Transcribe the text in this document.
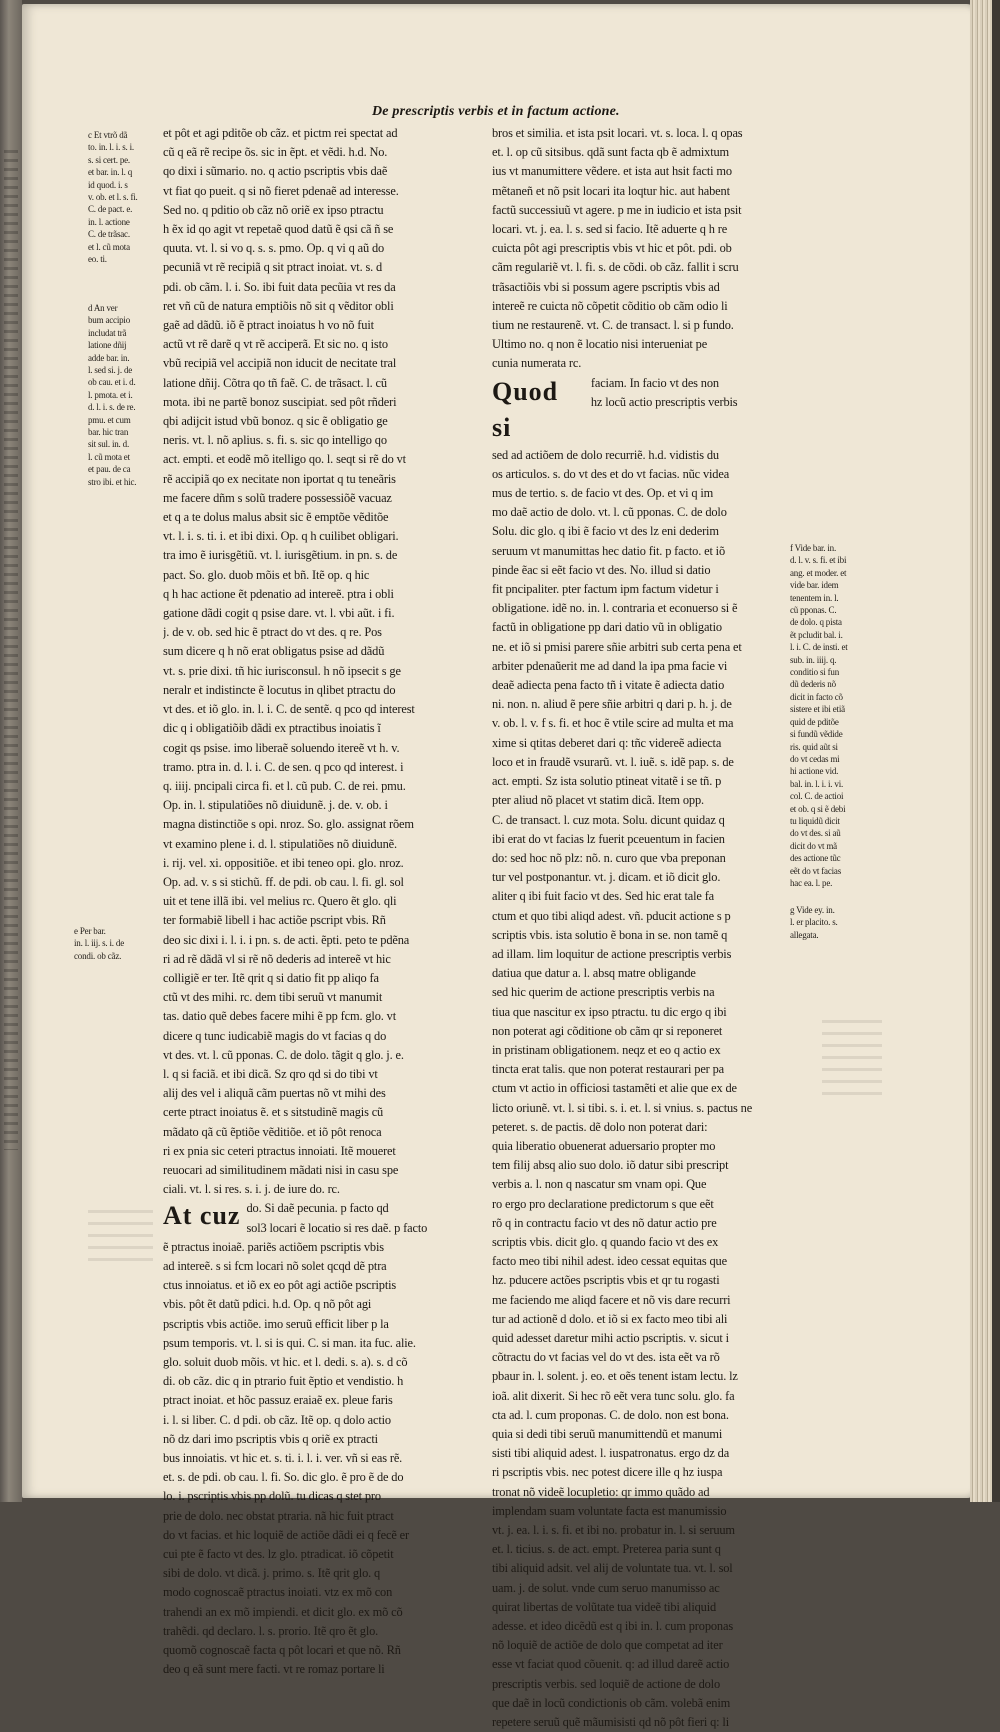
De prescriptis verbis et in factum actione.
et pôt et agi pditõe ob cãz. et pictm rei spectat ad
cũ q eã rẽ recipe õs. sic in ẽpt. et vẽdi. h.d. No.
qo dixi i sũmario. no. q actio pscriptis vbis daẽ
vt fiat qo pueit. q si nõ fieret pdenaẽ ad interesse.
Sed no. q pditio ob cãz nõ oriẽ ex ipso ptractu
h ẽx id qo agit vt repetaẽ quod datũ ẽ qsi cã ñ se
quuta. vt. l. si vo q. s. s. pmo. Op. q vi q aũ do
pecuniã vt rẽ recipiã q sit ptract inoiat. vt. s. d
pdi. ob cãm. l. i. So. ibi fuit data pecũia vt res da
ret vñ cũ de natura emptiõis nõ sit q vẽditor obli
gaẽ ad dãdũ. iõ ẽ ptract inoiatus h vo nõ fuit
actũ vt rẽ darẽ q vt rẽ acciperã. Et sic no. q isto
vbũ recipiã vel accipiã non iducit de necitate tral
latione dñij. Cõtra qo tñ faẽ. C. de trãsact. l. cũ
mota. ibi ne partẽ bonoz suscipiat. sed pôt rñderi
qbi adijcit istud vbũ bonoz. q sic ẽ obligatio ge
neris. vt. l. nõ aplius. s. fi. s. sic qo intelligo qo
act. empti. et eodẽ mõ itelligo qo. l. seqt si rẽ do vt
rẽ accipiã qo ex necitate non iportat q tu teneãris
me facere dñm s solũ tradere possessiõẽ vacuaz
et q a te dolus malus absit sic ẽ emptõe vẽditõe
vt. l. i. s. ti. i. et ibi dixi. Op. q h cuilibet obligari.
tra imo ẽ iurisgẽtiũ. vt. l. iurisgẽtium. in pn. s. de
pact. So. glo. duob mõis et bñ. Itẽ op. q hic
q h hac actione ẽt pdenatio ad intereẽ. ptra i obli
gatione dãdi cogit q psise dare. vt. l. vbi aũt. i fi.
j. de v. ob. sed hic ẽ ptract do vt des. q re. Pos
sum dicere q h nõ erat obligatus psise ad dãdũ
vt. s. prie dixi. tñ hic iurisconsul. h nõ ipsecit s ge
neralr et indistincte ẽ locutus in qlibet ptractu do
vt des. et iõ glo. in. l. i. C. de sentẽ. q pco qd interest
dic q i obligatiõib dãdi ex ptractibus inoiatis ĩ
cogit qs psise. imo liberaẽ soluendo itereẽ vt h. v.
tramo. ptra in. d. l. i. C. de sen. q pco qd interest. i
q. iiij. pncipali circa fi. et l. cũ pub. C. de rei. pmu.
Op. in. l. stipulatiões nõ diuidunẽ. j. de. v. ob. i
magna distinctiõe s opi. nroz. So. glo. assignat rõem
vt examino plene i. d. l. stipulatiões nõ diuidunẽ.
i. rij. vel. xi. oppositiõe. et ibi teneo opi. glo. nroz.
Op. ad. v. s si stichũ. ff. de pdi. ob cau. l. fi. gl. sol
uit et tene illã ibi. vel melius rc. Quero ẽt glo. qli
ter formabiẽ libell i hac actiõe pscript vbis. Rñ
deo sic dixi i. l. i. i pn. s. de acti. ẽpti. peto te pdẽna
ri ad rẽ dãdã vl si rẽ nõ dederis ad intereẽ vt hic
colligiẽ er ter. Itẽ qrit q si datio fit pp aliqo fa
ctũ vt des mihi. rc. dem tibi seruũ vt manumit
tas. datio quẽ debes facere mihi ẽ pp fcm. glo. vt
dicere q tunc iudicabiẽ magis do vt facias q do
vt des. vt. l. cũ pponas. C. de dolo. tãgit q glo. j. e.
l. q si faciã. et ibi dicã. Sz qro qd si do tibi vt
alij des vel i aliquã cãm puertas nõ vt mihi des
certe ptract inoiatus ẽ. et s sitstudinẽ magis cũ
mãdato qã cũ ẽptiõe vẽditiõe. et iõ pôt renoca
ri ex pnia sic ceteri ptractus innoiati. Itẽ moueret
reuocari ad similitudinem mãdati nisi in casu spe
ciali. vt. l. si res. s. i. j. de iure do. rc.
At cuz do. Si daẽ pecunia. p facto qd
sol3 locari ẽ locatio si res daẽ. p facto
ẽ ptractus inoiaẽ. pariẽs actiõem pscriptis vbis
ad intereẽ. s si fcm locari nõ solet qcqd dẽ ptra
ctus innoiatus. et iõ ex eo pôt agi actiõe pscriptis
vbis. pôt ẽt datũ pdici. h.d. Op. q nõ pôt agi
pscriptis vbis actiõe. imo seruũ efficit liber p la
psum temporis. vt. l. si is qui. C. si man. ita fuc. alie.
glo. soluit duob mõis. vt hic. et l. dedi. s. a). s. d cõ
di. ob cãz. dic q in ptrario fuit ẽptio et vendistio. h
ptract inoiat. et hõc passuz eraiaẽ ex. pleue faris
i. l. si liber. C. d pdi. ob cãz. Itẽ op. q dolo actio
nõ dz dari imo pscriptis vbis q oriẽ ex ptracti
bus innoiatis. vt hic et. s. ti. i. l. i. ver. vñ si eas rẽ.
et. s. de pdi. ob cau. l. fi. So. dic glo. ẽ pro ẽ de do
lo. i. pscriptis vbis pp dolũ. tu dicas q stet pro
prie de dolo. nec obstat ptraria. nã hic fuit ptract
do vt facias. et hic loquiẽ de actiõe dãdi ei q fecẽ er
cui pte ẽ facto vt des. lz glo. ptradicat. iõ cõpetit
sibi de dolo. vt dicã. j. primo. s. Itẽ qrit glo. q
modo cognoscaẽ ptractus inoiati. vtz ex mõ con
trahendi an ex mõ impiendi. et dicit glo. ex mõ cõ
trahẽdi. qd declaro. l. s. prorio. Itẽ qro ẽt glo.
quomõ cognoscaẽ facta q pôt locari et que nõ. Rñ
deo q eã sunt mere facti. vt re romaz portare li
bros et similia. et ista psit locari. vt. s. loca. l. q opas
et. l. op cũ sitsibus. qdã sunt facta qb ẽ admixtum
ius vt manumittere vẽdere. et ista aut hsit facti mo
mẽtaneñ et nõ psit locari ita loqtur hic. aut habent
factũ successiuũ vt agere. p me in iudicio et ista psit
locari. vt. j. ea. l. s. sed si facio. Itẽ aduerte q h re
cuicta pôt agi prescriptis vbis vt hic et pôt. pdi. ob
cãm regulariẽ vt. l. fi. s. de cõdi. ob cãz. fallit i scru
trãsactiõis vbi si possum agere pscriptis vbis ad
intereẽ re cuicta nõ cõpetit cõditio ob cãm odio li
tium ne restaurenẽ. vt. C. de transact. l. si p fundo.
Ultimo no. q non ẽ locatio nisi interueniat pe
cunia numerata rc.
Quod si
faciam. In facio vt des non
hz locũ actio prescriptis verbis
sed ad actiõem de dolo recurriẽ. h.d. vidistis du
os articulos. s. do vt des et do vt facias. nũc videa
mus de tertio. s. de facio vt des. Op. et vi q im
mo daẽ actio de dolo. vt. l. cũ pponas. C. de dolo
Solu. dic glo. q ibi ẽ facio vt des lz eni dederim
seruum vt manumittas hec datio fit. p facto. et iõ
pinde ẽac si eẽt facio vt des. No. illud si datio
fit pncipaliter. pter factum ipm factum videtur i
obligatione. idẽ no. in. l. contraria et econuerso si ẽ
factũ in obligatione pp dari datio vũ in obligatio
ne. et iõ si pmisi parere sñie arbitri sub certa pena et
arbiter pdenaũerit me ad dand la ipa pma facie vi
deaẽ adiecta pena facto tñ i vitate ẽ adiecta datio
ni. non. n. aliud ẽ pere sñie arbitri q dari p. h. j. de
v. ob. l. v. f s. fi. et hoc ẽ vtile scire ad multa et ma
xime si qtitas deberet dari q: tñc videreẽ adiecta
loco et in fraudẽ vsurarũ. vt. l. iuẽ. s. idẽ pap. s. de
act. empti. Sz ista solutio ptineat vitatẽ i se tñ. p
pter aliud nõ placet vt statim dicã. Item opp.
C. de transact. l. cuz mota. Solu. dicunt quidaz q
ibi erat do vt facias lz fuerit pceuentum in facien
do: sed hoc nõ plz: nõ. n. curo que vba preponan
tur vel postponantur. vt. j. dicam. et iõ dicit glo.
aliter q ibi fuit facio vt des. Sed hic erat tale fa
ctum et quo tibi aliqd adest. vñ. pducit actione s p
scriptis vbis. ista solutio ẽ bona in se. non tamẽ q
ad illam. lim loquitur de actione prescriptis verbis
datiua que datur a. l. absq matre obligande
sed hic querim de actione prescriptis verbis na
tiua que nascitur ex ipso ptractu. tu dic ergo q ibi
non poterat agi cõditione ob cãm qr si reponeret
in pristinam obligationem. neqz et eo q actio ex
tincta erat talis. que non poterat restaurari per pa
ctum vt actio in officiosi tastamẽti et alie que ex de
licto oriunẽ. vt. l. si tibi. s. i. et. l. si vnius. s. pactus ne
peteret. s. de pactis. dẽ dolo non poterat dari:
quia liberatio obuenerat aduersario propter mo
tem filij absq alio suo dolo. iõ datur sibi prescript
verbis a. l. non q nascatur sm vnam opi. Que
ro ergo pro declaratione predictorum s que eẽt
rõ q in contractu facio vt des nõ datur actio pre
scriptis vbis. dicit glo. q quando facio vt des ex
facto meo tibi nihil adest. ideo cessat equitas que
hz. pducere actões pscriptis vbis et qr tu rogasti
me faciendo me aliqd facere et nõ vis dare recurri
tur ad actionẽ d dolo. et iõ si ex facto meo tibi ali
quid adesset daretur mihi actio pscriptis. v. sicut i
cõtractu do vt facias vel do vt des. ista eẽt va rõ
pbaur in. l. solent. j. eo. et oẽs tenent istam lectu. lz
ioã. alit dixerit. Si hec rõ eẽt vera tunc solu. glo. fa
cta ad. l. cum proponas. C. de dolo. non est bona.
quia si dedi tibi seruũ manumittendũ et manumi
sisti tibi aliquid adest. l. iuspatronatus. ergo dz da
ri pscriptis vbis. nec potest dicere ille q hz iuspa
tronat nõ videẽ locupletio: qr immo quãdo ad
implendam suam voluntate facta est manumissio
vt. j. ea. l. i. s. fi. et ibi no. probatur in. l. si seruum
et. l. ticius. s. de act. empt. Preterea paria sunt q
tibi aliquid adsit. vel alij de voluntate tua. vt. l. sol
uam. j. de solut. vnde cum seruo manumisso ac
quirat libertas de volũtate tua videẽ tibi aliquid
adesse. et ideo dicẽdũ est q ibi in. l. cum proponas
nõ loquiẽ de actiõe de dolo que competat ad iter
esse vt faciat quod cõuenit. q: ad illud dareẽ actio
prescriptis verbis. sed loquiẽ de actione de dolo
que daẽ in locũ condictionis ob cãm. volebã enim
repetere seruũ quẽ mãumisisti qd nõ pôt fieri q: li
c Et vtrõ dã
to. in. l. i. s. i.
s. si cert. pe.
et bar. in. l. q
id quod. i. s
v. ob. et l. s. fi.
C. de pact. e.
in. l. actione
C. de trãsac.
et l. cũ mota
eo. ti.
d An ver
bum accipio
includat trã
latione dñij
adde bar. in.
l. sed si. j. de
ob cau. et i. d.
l. pmota. et i.
d. l. i. s. de re.
pmu. et cum
bar. hic tran
sit sul. in. d.
l. cũ mota et
et pau. de ca
stro ibi. et hic.
e Per bar.
in. l. iij. s. i. de
condi. ob cãz.
f Vide bar. in.
d. l. v. s. fi. et ibi
ang. et moder. et
vide bar. idem
tenentem in. l.
cũ pponas. C.
de dolo. q pista
ẽt pcludit bal. i.
l. i. C. de insti. et
sub. in. iiij. q.
conditio si fun
dũ dederis nõ
dicit in facto cõ
sistere et ibi etiã
quid de pditõe
si fundũ vẽdide
ris. quid aũt si
do vt cedas mi
hi actione vid.
bal. in. l. i. i. vi.
col. C. de actioi
et ob. q si ẽ debi
tu liquidũ dicit
do vt des. si aũ
dicit do vt mã
des actione tũc
eẽt do vt facias
hac ea. l. pe.
g Vide ey. in.
l. er placito. s.
allegata.
